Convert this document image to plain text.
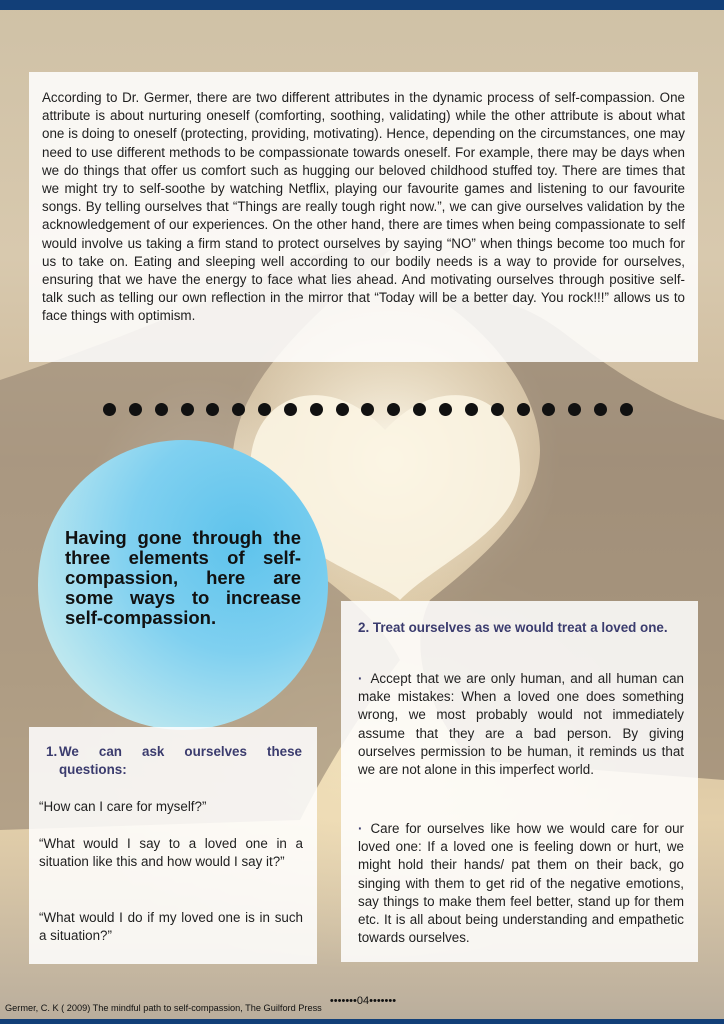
According to Dr. Germer, there are two different attributes in the dynamic process of self-compassion. One attribute is about nurturing oneself (comforting, soothing, validating) while the other attribute is about what one is doing to oneself (protecting, providing, motivating). Hence, depending on the circumstances, one may need to use different methods to be compassionate towards oneself. For example, there may be days when we do things that offer us comfort such as hugging our beloved childhood stuffed toy. There are times that we might try to self-soothe by watching Netflix, playing our favourite games and listening to our favourite songs. By telling ourselves that “Things are really tough right now.”, we can give ourselves validation by the acknowledgement of our experiences. On the other hand, there are times when being compassionate to self would involve us taking a firm stand to protect ourselves by saying “NO” when things become too much for us to take on. Eating and sleeping well according to our bodily needs is a way to provide for ourselves, ensuring that we have the energy to face what lies ahead. And motivating ourselves through positive self-talk such as telling our own reflection in the mirror that “Today will be a better day. You rock!!!” allows us to face things with optimism.

Having gone through the three elements of self-compassion, here are some ways to increase self-compassion.

1. We can ask ourselves these questions:

“How can I care for myself?”

“What would I say to a loved one in a situation like this and how would I say it?”

“What would I do if my loved one is in such a situation?”

2. Treat ourselves as we would treat a loved one.

· Accept that we are only human, and all human can make mistakes: When a loved one does something wrong, we most probably would not immediately assume that they are a bad person. By giving ourselves permission to be human, it reminds us that we are not alone in this imperfect world.

· Care for ourselves like how we would care for our loved one: If a loved one is feeling down or hurt, we might hold their hands/ pat them on their back, go singing with them to get rid of the negative emotions, say things to make them feel better, stand up for them etc. It is all about being understanding and empathetic towards ourselves.

•••••••04•••••••
Germer, C. K ( 2009) The mindful path to self-compassion, The Guilford Press
